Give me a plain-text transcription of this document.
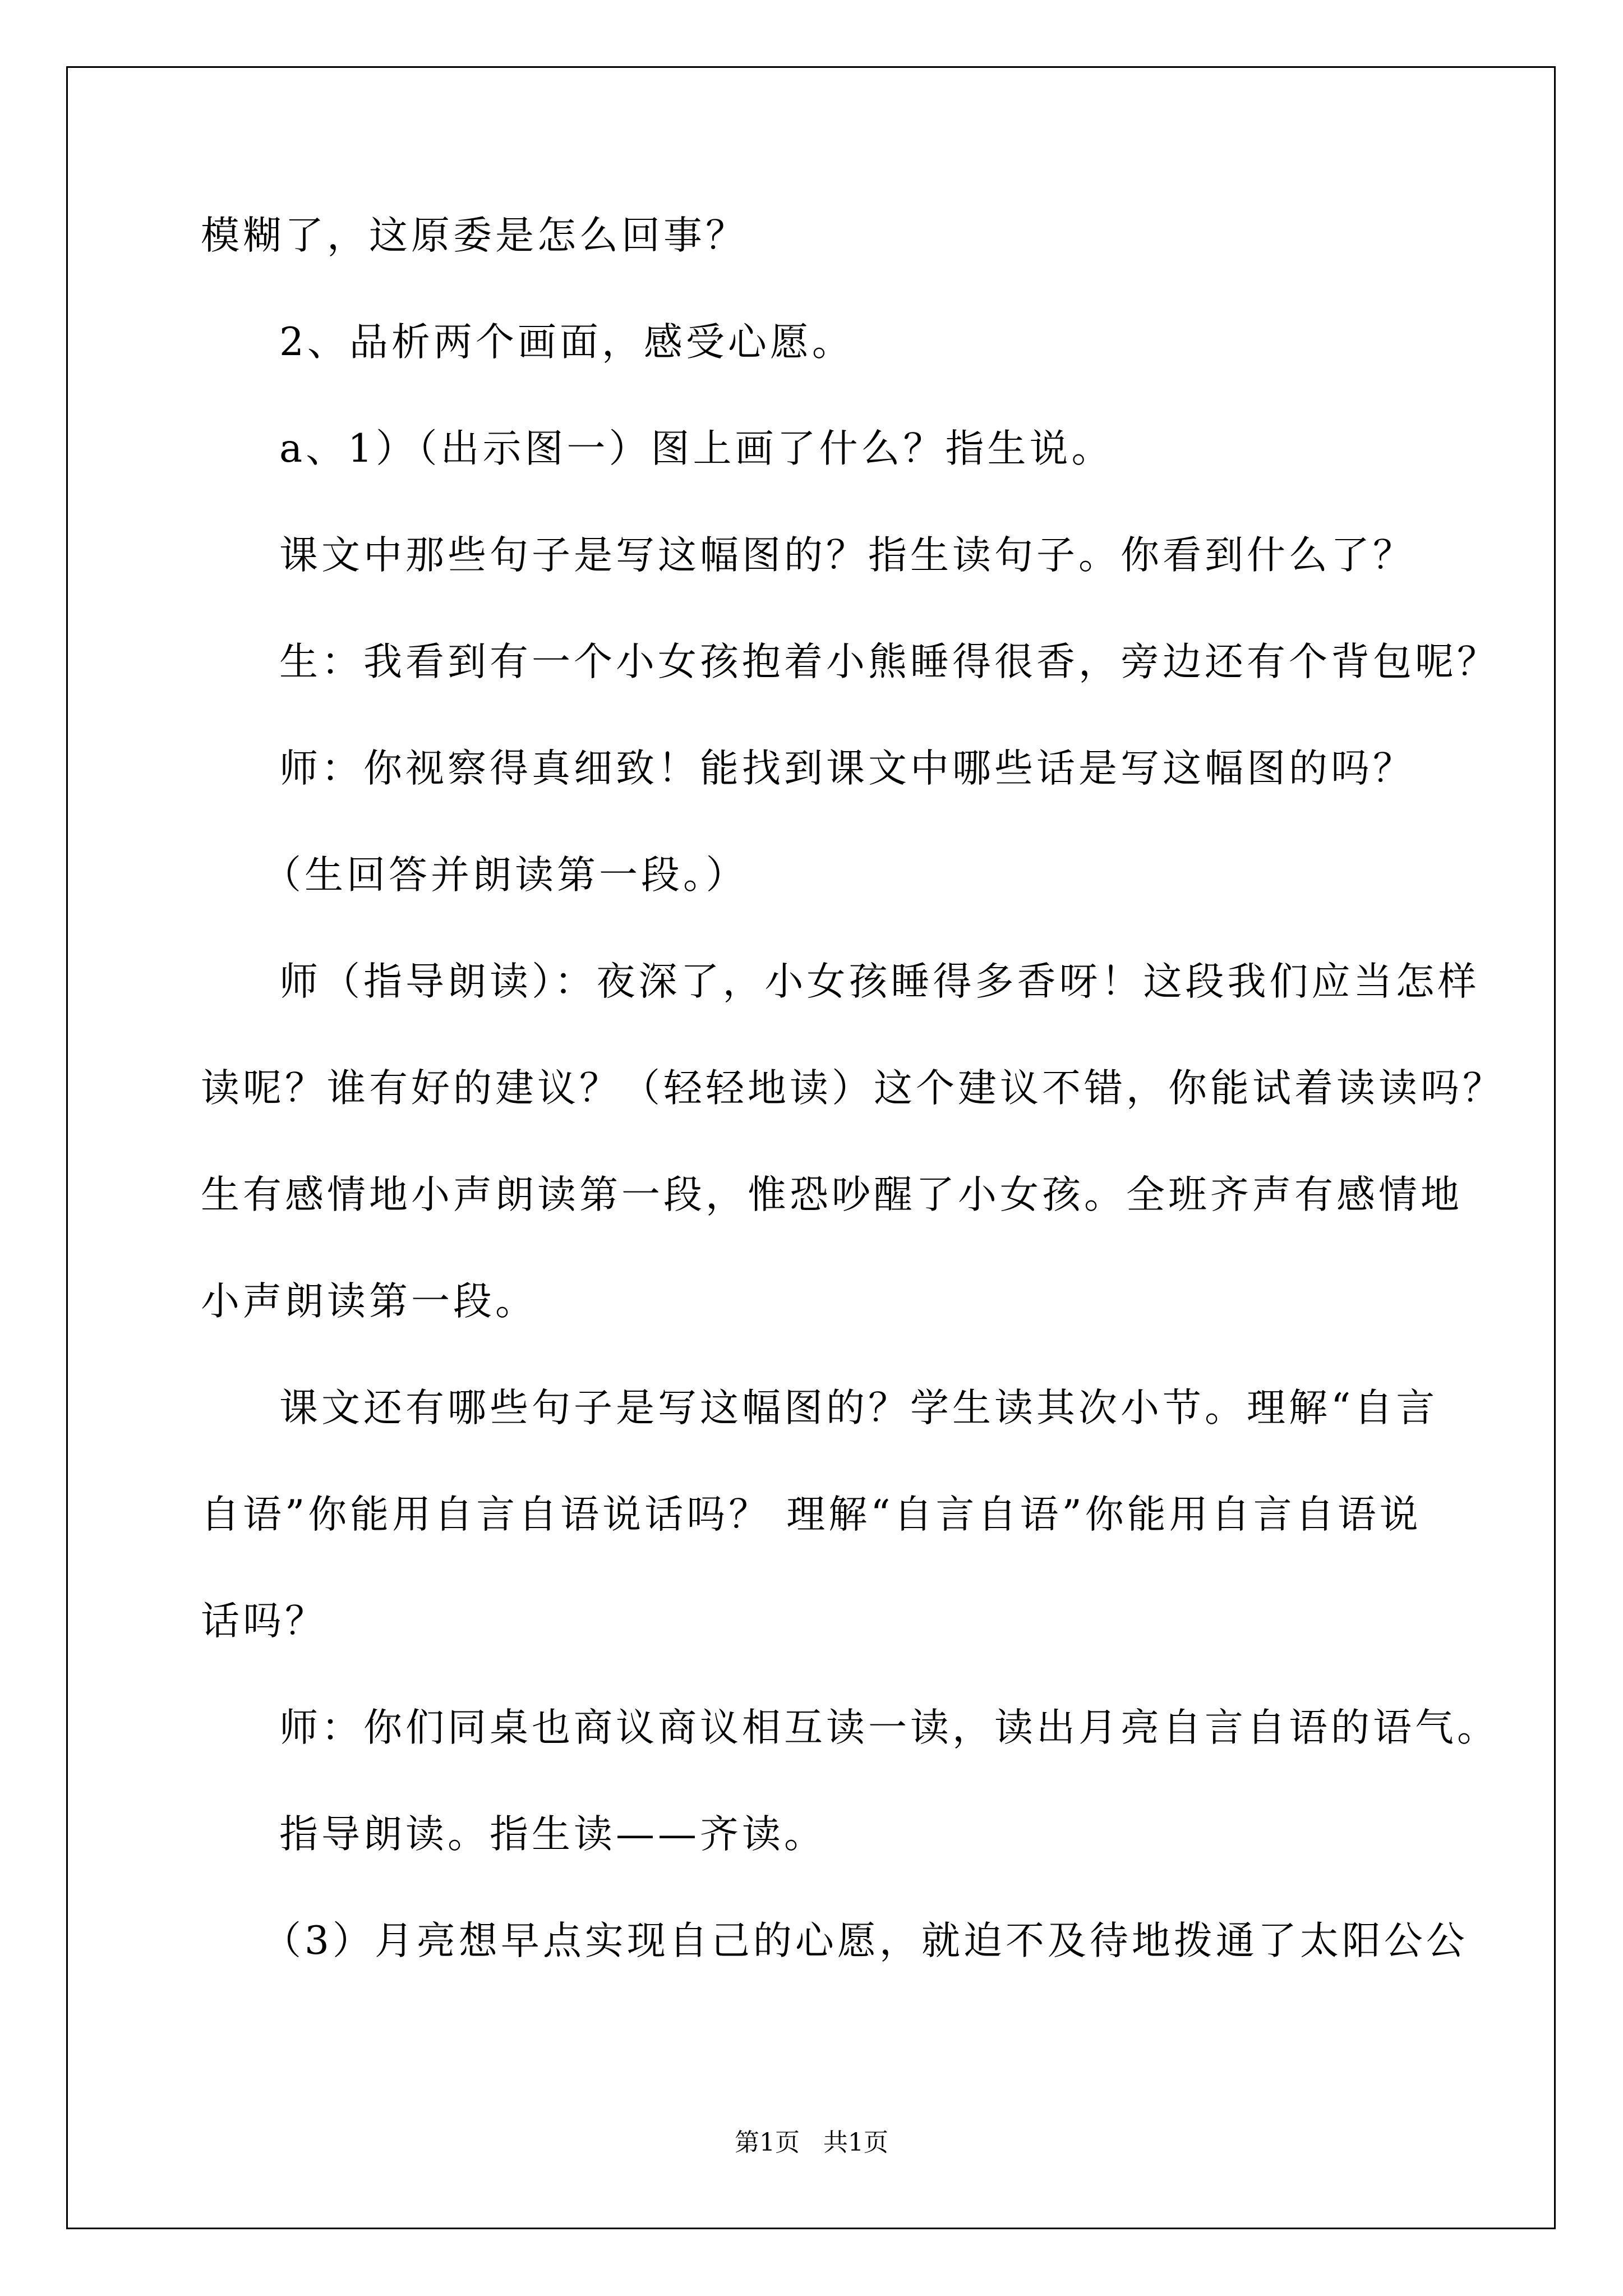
模糊了，这原委是怎么回事？
2、品析两个画面，感受心愿。
a、1）（出示图一）图上画了什么？指生说。
课文中那些句子是写这幅图的？指生读句子。你看到什么了？
生：我看到有一个小女孩抱着小熊睡得很香，旁边还有个背包呢？
师：你视察得真细致！能找到课文中哪些话是写这幅图的吗？
（生回答并朗读第一段。）
师（指导朗读）：夜深了，小女孩睡得多香呀！这段我们应当怎样
读呢？谁有好的建议？（轻轻地读）这个建议不错，你能试着读读吗？
生有感情地小声朗读第一段，惟恐吵醒了小女孩。全班齐声有感情地
小声朗读第一段。
课文还有哪些句子是写这幅图的？学生读其次小节。理解“自言
自语”你能用自言自语说话吗？ 理解“自言自语”你能用自言自语说
话吗？
师：你们同桌也商议商议相互读一读，读出月亮自言自语的语气。
指导朗读。指生读——齐读。
（3）月亮想早点实现自己的心愿，就迫不及待地拨通了太阳公公
第1页 共1页
